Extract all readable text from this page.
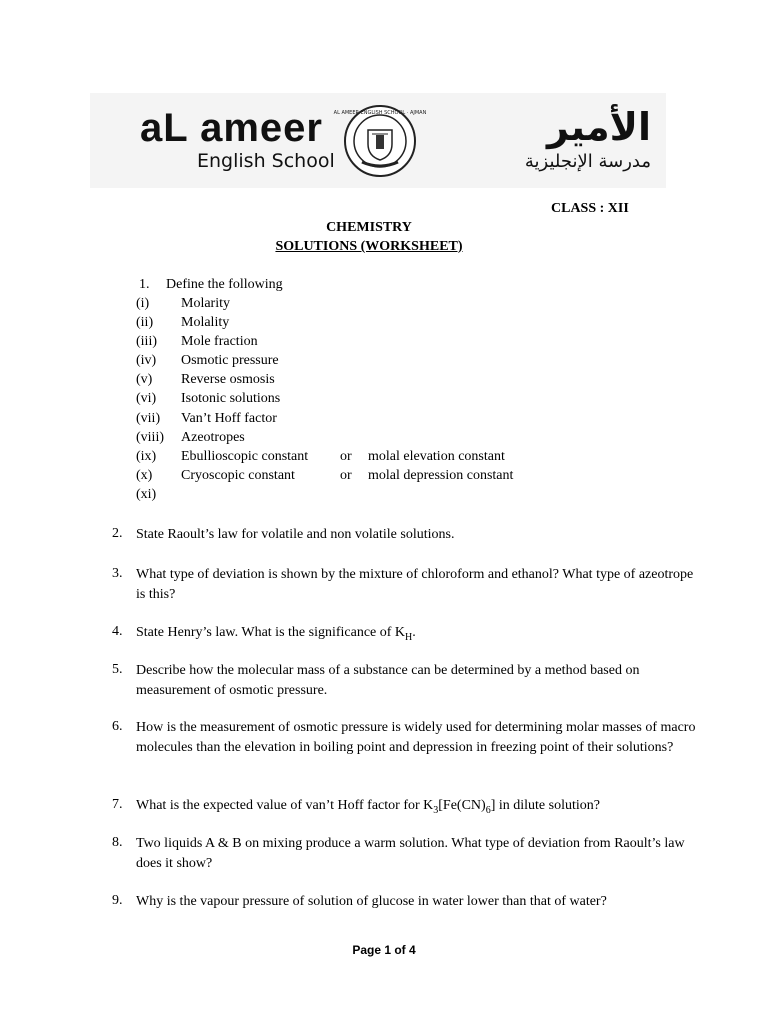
aL ameer
English School
AL AMEER ENGLISH SCHOOL · AJMAN	الأمير
مدرسة الإنجليزية
CLASS : XII
CHEMISTRY
SOLUTIONS (WORKSHEET)
1. Define the following
(i)	Molarity
(ii)	Molality
(iii)	Mole fraction
(iv)	Osmotic pressure
(v)	Reverse osmosis
(vi)	Isotonic solutions
(vii)	Van’t Hoff factor
(viii)	Azeotropes
(ix)	Ebullioscopic constant or molal elevation constant
(x)	Cryoscopic constant	or molal depression constant
(xi)
2. State Raoult’s law for volatile and non volatile solutions.
3. What type of deviation is shown by the mixture of chloroform and ethanol? What type of azeotrope is this?
4. State Henry’s law. What is the significance of $K_H$.
5. Describe how the molecular mass of a substance can be determined by a method based on measurement of osmotic pressure.
6. How is the measurement of osmotic pressure is widely used for determining molar masses of macro molecules than the elevation in boiling point and depression in freezing point of their solutions?
7. What is the expected value of van’t Hoff factor for $K_3[Fe(CN)_6]$ in dilute solution?
8. Two liquids A & B on mixing produce a warm solution. What type of deviation from Raoult’s law does it show?
9. Why is the vapour pressure of solution of glucose in water lower than that of water?
Page 1 of 4
